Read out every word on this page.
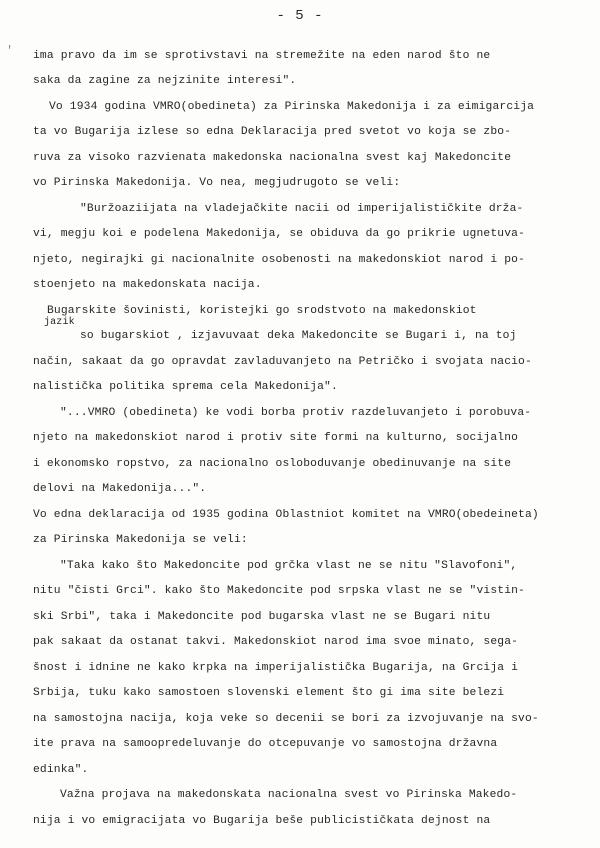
- 5 -
' ima pravo da im se sprotivstavi na stremežite na eden narod što ne
saka da zagine za nejzinite interesi".
Vo 1934 godina VMRO(obedineta) za Pirinska Makedonija i za eimigarcija
ta vo Bugarija izlese so edna Deklaracija pred svetot vo koja se zbo-
ruva za visoko razvienata makedonska nacionalna svest kaj Makedoncite
vo Pirinska Makedonija. Vo nea, megjudrugoto se veli:
"Buržoaziijata na vladejačkite nacii od imperijalističkite drža-
vi, megju koi e podelena Makedonija, se obiduva da go prikrie ugnetuva-
njeto, negirajki gi nacionalnite osobenosti na makedonskiot narod i po-
stoenjeto na makedonskata nacija.
Bugarskite šovinisti, koristejki go srodstvoto na makedonskiot
jazik
so bugarskiot , izjavuvaat deka Makedoncite se Bugari i, na toj
način, sakaat da go opravdat zavladuvanjeto na Petričko i svojata nacio-
nalistička politika sprema cela Makedonija".
"...VMRO (obedineta) ke vodi borba protiv razdeluvanjeto i porobuva-
njeto na makedonskiot narod i protiv site formi na kulturno, socijalno
i ekonomsko ropstvo, za nacionalno osloboduvanje obedinuvanje na site
delovi na Makedonija...".
Vo edna deklaracija od 1935 godina Oblastniot komitet na VMRO(obedeineta)
za Pirinska Makedonija se veli:
"Taka kako što Makedoncite pod grčka vlast ne se nitu "Slavofoni",
nitu "čisti Grci". kako što Makedoncite pod srpska vlast ne se "vistin-
ski Srbi", taka i Makedoncite pod bugarska vlast ne se Bugari nitu
pak sakaat da ostanat takvi. Makedonskiot narod ima svoe minato, sega-
šnost i idnine ne kako krpka na imperijalistička Bugarija, na Grcija i
Srbija, tuku kako samostoen slovenski element što gi ima site belezi
na samostojna nacija, koja veke so decenii se bori za izvojuvanje na svo-
ite prava na samoopredeluvanje do otcepuvanje vo samostojna državna
edinka".
Važna projava na makedonskata nacionalna svest vo Pirinska Makedo-
nija i vo emigracijata vo Bugarija beše publicističkata dejnost na
